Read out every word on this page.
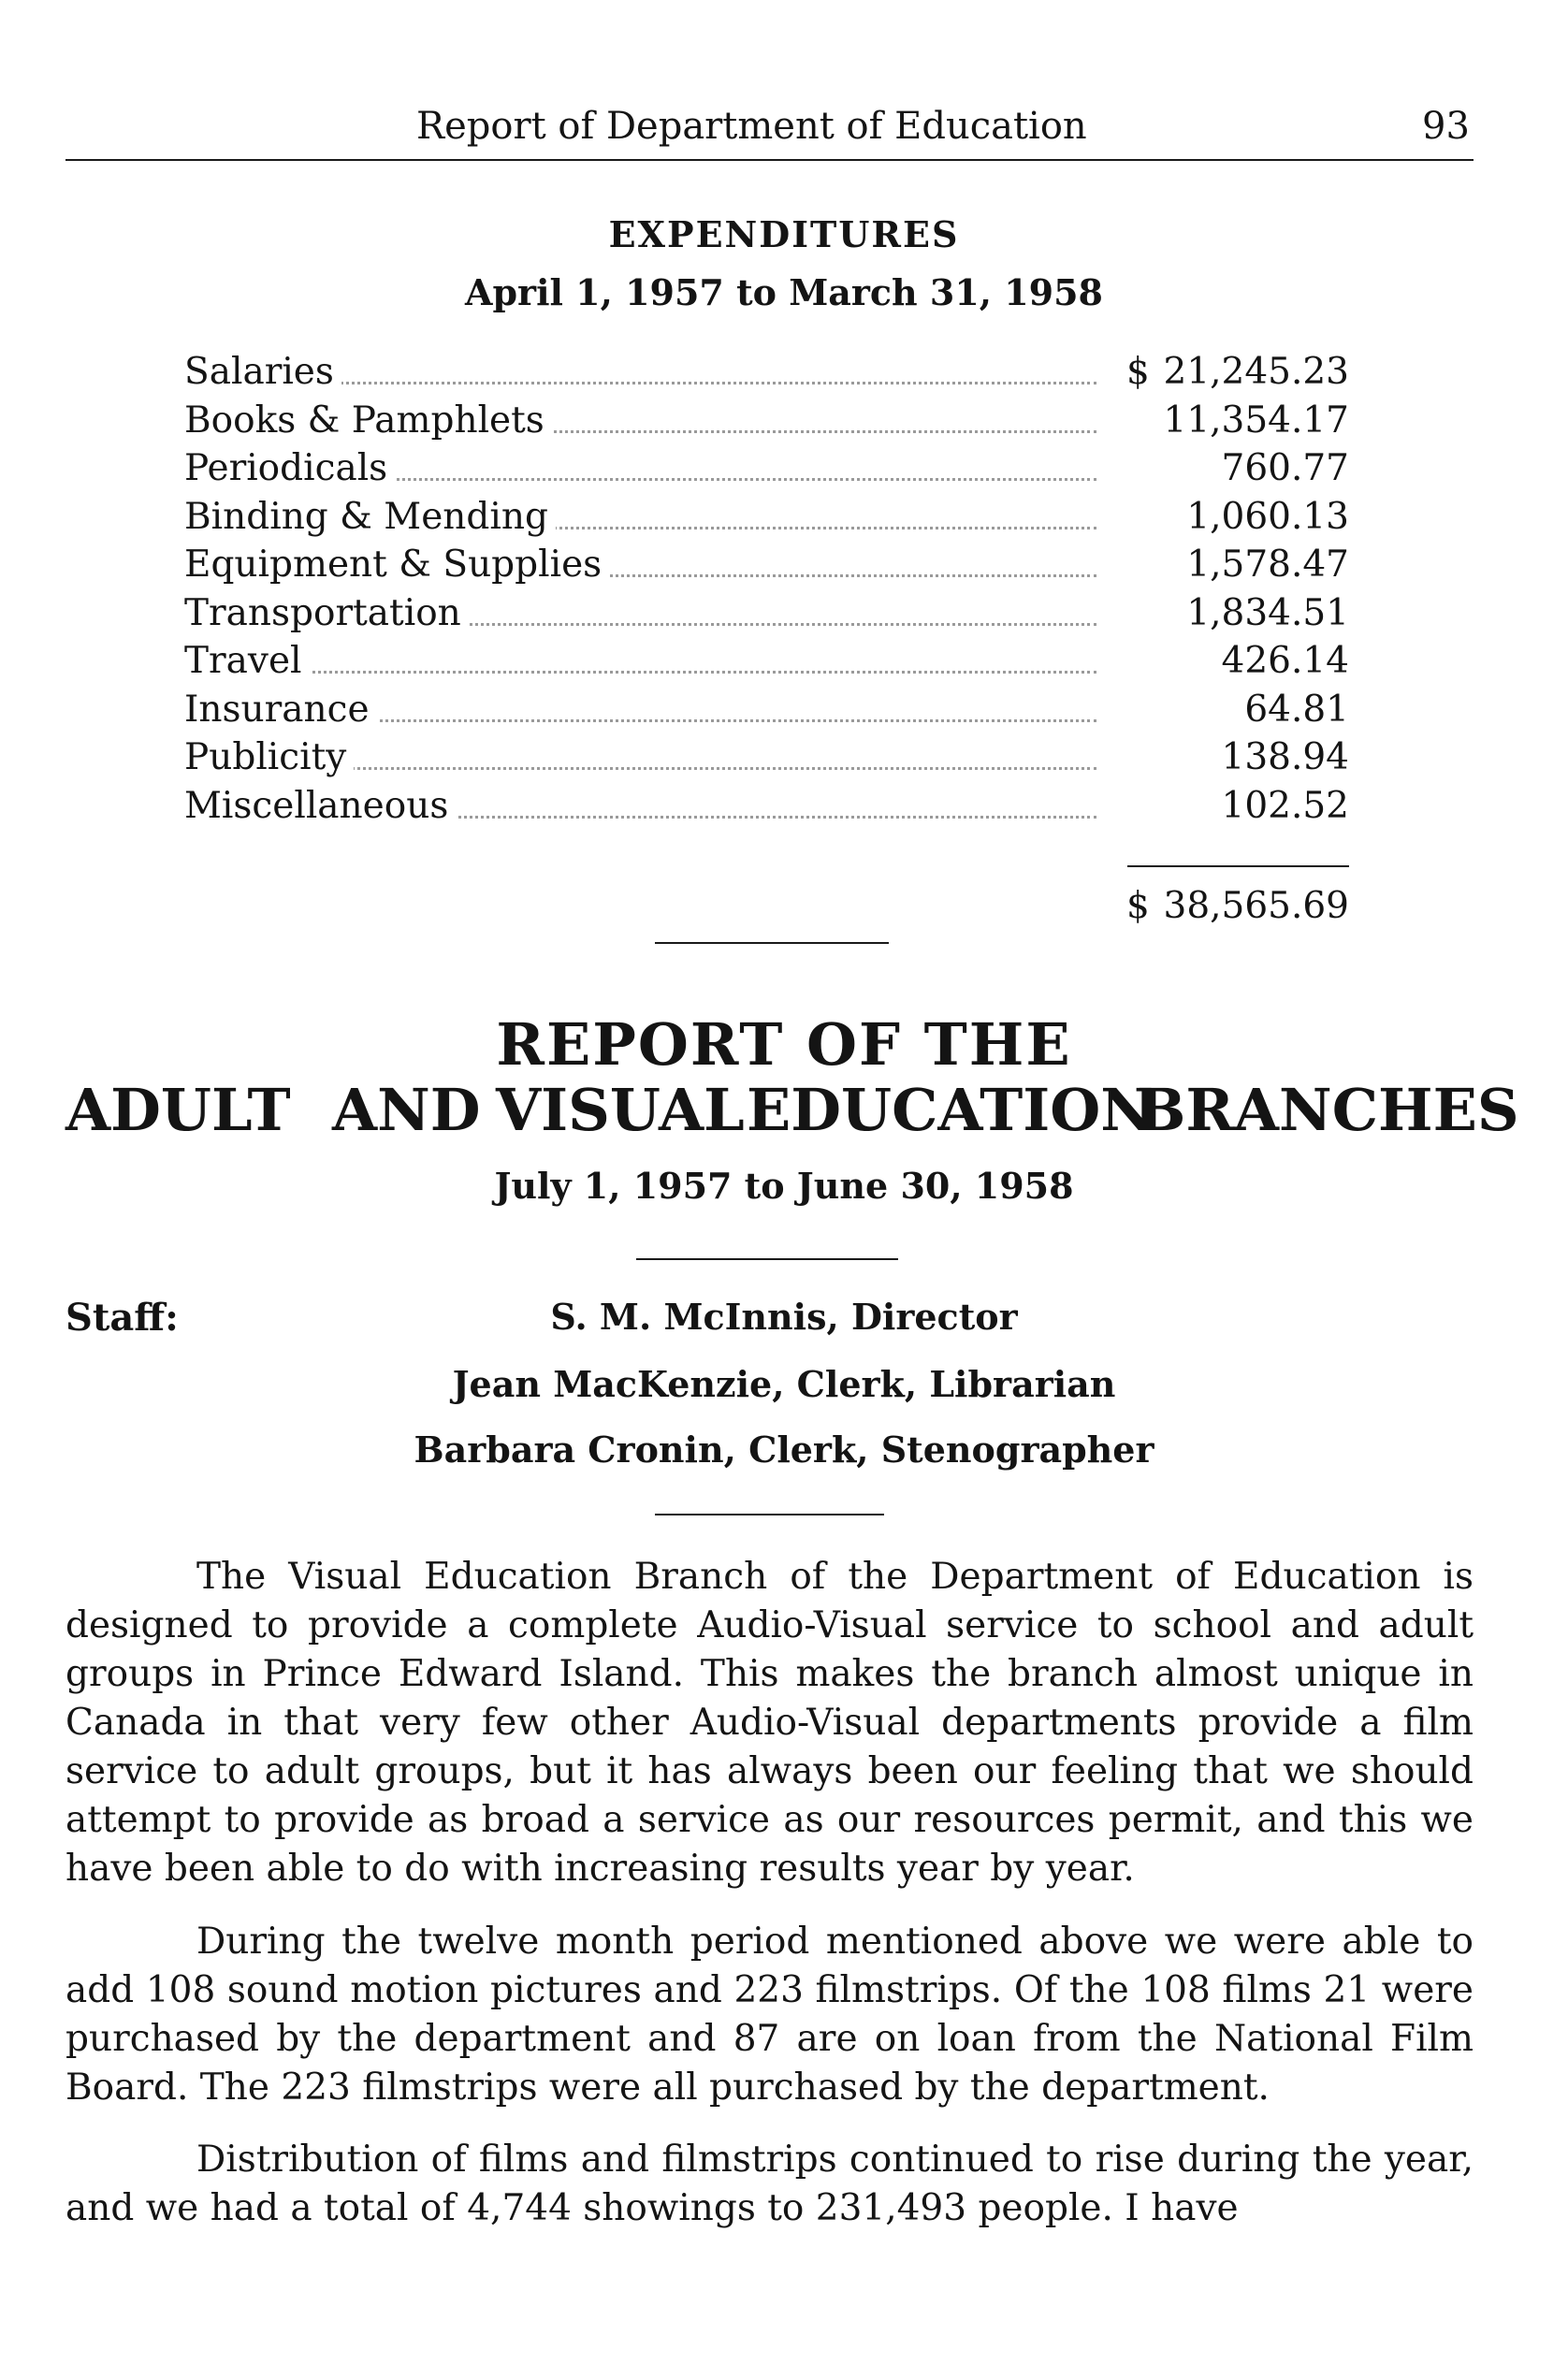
Report of Department of Education	93
EXPENDITURES
April 1, 1957 to March 31, 1958
Salaries	$ 21,245.23
Books & Pamphlets	11,354.17
Periodicals	760.77
Binding & Mending	1,060.13
Equipment & Supplies	1,578.47
Transportation	1,834.51
Travel	426.14
Insurance	64.81
Publicity	138.94
Miscellaneous	102.52
$ 38,565.69
REPORT OF THE
ADULT AND VISUAL EDUCATION
BRANCHES
July 1, 1957 to June 30, 1958
Staff:	S. M. McInnis, Director
Jean MacKenzie, Clerk, Librarian
Barbara Cronin, Clerk, Stenographer

The Visual Education Branch of the Department of Education is designed to provide a complete Audio-Visual service to school and adult groups in Prince Edward Island. This makes the branch almost unique in Canada in that very few other Audio-Visual departments provide a film service to adult groups, but it has always been our feeling that we should attempt to provide as broad a service as our resources permit, and this we have been able to do with increasing results year by year.

During the twelve month period mentioned above we were able to add 108 sound motion pictures and 223 filmstrips. Of the 108 films 21 were purchased by the department and 87 are on loan from the National Film Board. The 223 filmstrips were all purchased by the department.

Distribution of films and filmstrips continued to rise during the year, and we had a total of 4,744 showings to 231,493 people. I have
